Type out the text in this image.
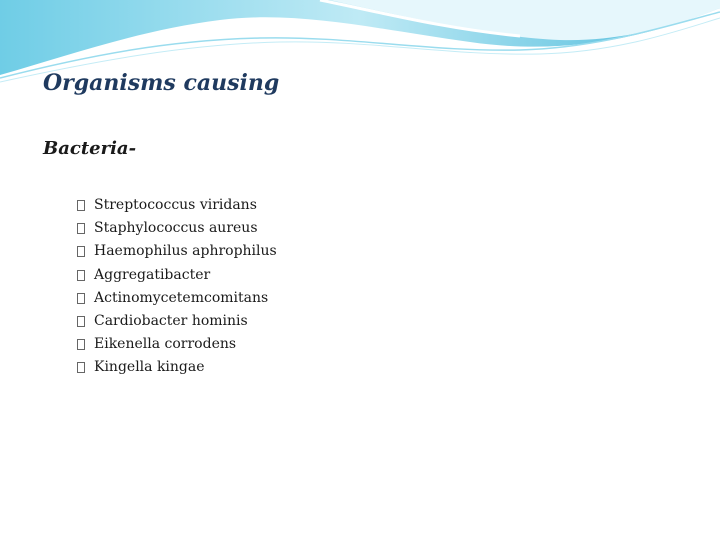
Organisms causing
Bacteria-
Streptococcus viridans
Staphylococcus aureus
Haemophilus aphrophilus
Aggregatibacter
Actinomycetemcomitans
Cardiobacter hominis
Eikenella corrodens
Kingella kingae
